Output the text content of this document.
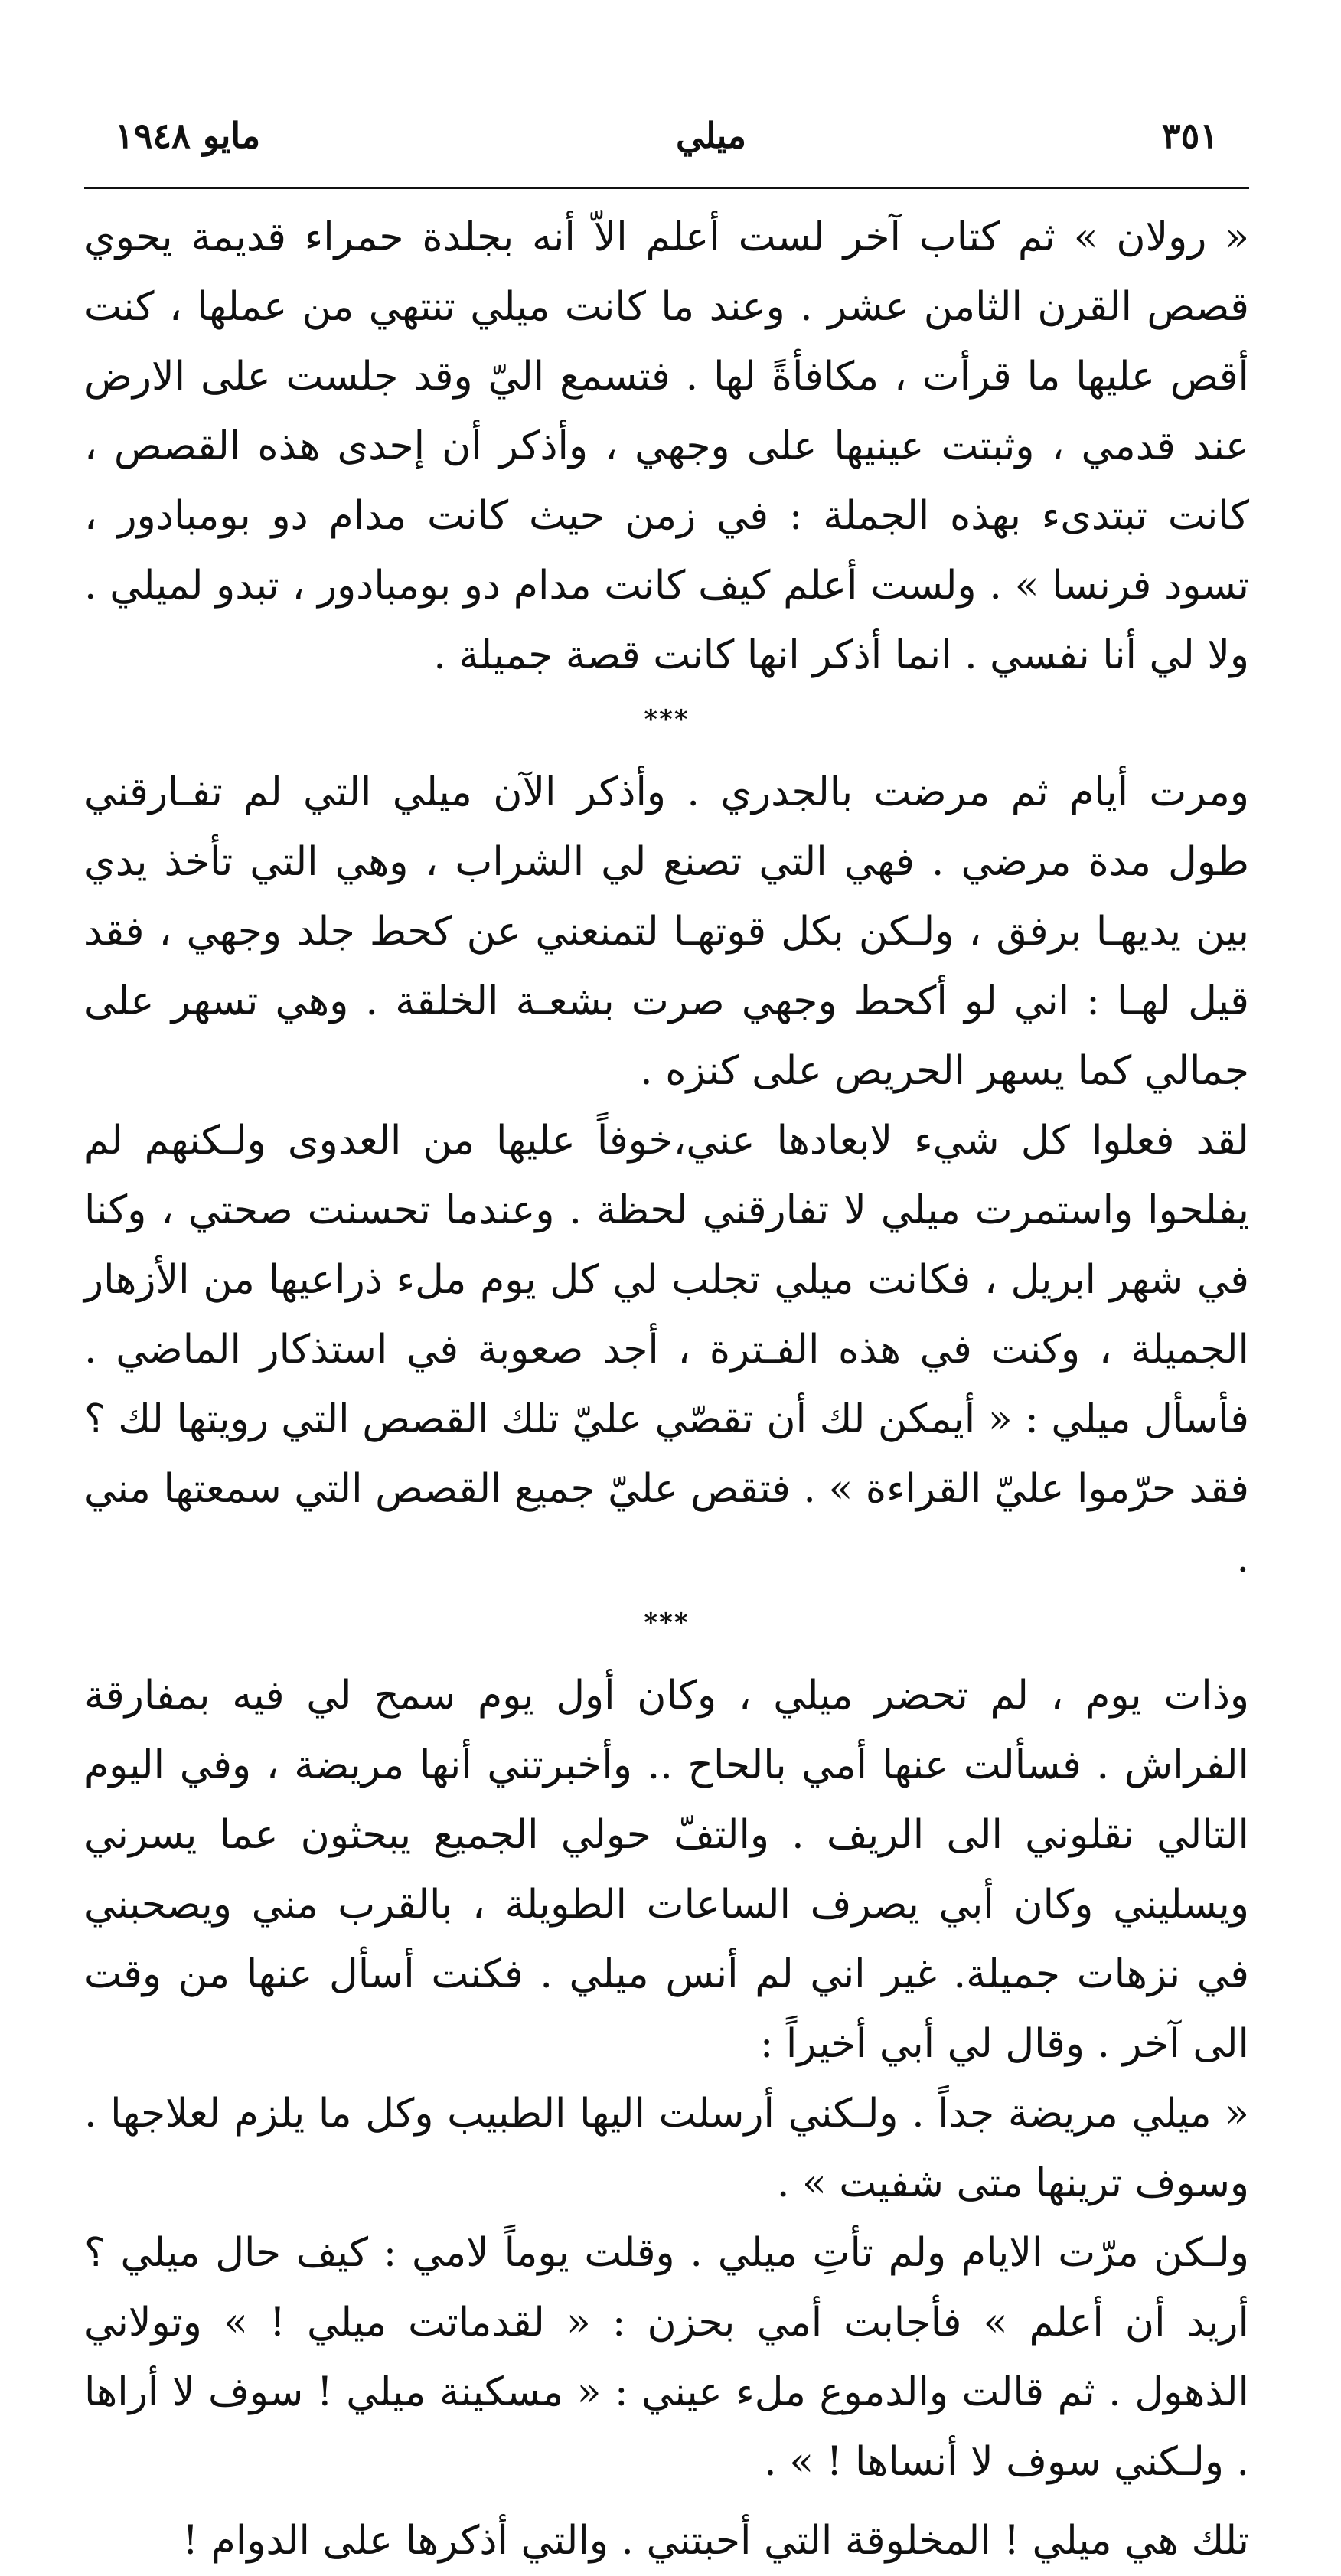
٣٥١
ميلي
مايو ١٩٤٨

« رولان » ثم كتاب آخر لست أعلم الاّ أنه بجلدة حمراء قديمة يحوي قصص القرن الثامن عشر . وعند ما كانت ميلي تنتهي من عملها ، كنت أقص عليها ما قرأت ، مكافأةً لها . فتسمع اليّ وقد جلست على الارض عند قدمي ، وثبتت عينيها على وجهي ، وأذكر أن إحدى هذه القصص ، كانت تبتدىء بهذه الجملة : في زمن حيث كانت مدام دو بومبادور ، تسود فرنسا » . ولست أعلم كيف كانت مدام دو بومبادور ، تبدو لميلي . ولا لي أنا نفسي . انما أذكر انها كانت قصة جميلة .

***

ومرت أيام ثم مرضت بالجدري . وأذكر الآن ميلي التي لم تفـارقني طول مدة مرضي . فهي التي تصنع لي الشراب ، وهي التي تأخذ يدي بين يديهـا برفق ، ولـكن بكل قوتهـا لتمنعني عن كحط جلد وجهي ، فقد قيل لهـا : اني لو أكحط وجهي صرت بشعـة الخلقة . وهي تسهر على جمالي كما يسهر الحريص على كنزه .

لقد فعلوا كل شيء لابعادها عني،خوفاً عليها من العدوى ولـكنهم لم يفلحوا واستمرت ميلي لا تفارقني لحظة . وعندما تحسنت صحتي ، وكنا في شهر ابريل ، فكانت ميلي تجلب لي كل يوم ملء ذراعيها من الأزهار الجميلة ، وكنت في هذه الفـترة ، أجد صعوبة في استذكار الماضي . فأسأل ميلي : « أيمكن لك أن تقصّي عليّ تلك القصص التي رويتها لك ؟ فقد حرّموا عليّ القراءة » . فتقص عليّ جميع القصص التي سمعتها مني .

***

وذات يوم ، لم تحضر ميلي ، وكان أول يوم سمح لي فيه بمفارقة الفراش . فسألت عنها أمي بالحاح .. وأخبرتني أنها مريضة ، وفي اليوم التالي نقلوني الى الريف . والتفّ حولي الجميع يبحثون عما يسرني ويسليني وكان أبي يصرف الساعات الطويلة ، بالقرب مني ويصحبني في نزهات جميلة. غير اني لم أنس ميلي . فكنت أسأل عنها من وقت الى آخر . وقال لي أبي أخيراً :

« ميلي مريضة جداً . ولـكني أرسلت اليها الطبيب وكل ما يلزم لعلاجها . وسوف ترينها متى شفيت » .

ولـكن مرّت الايام ولم تأتِ ميلي . وقلت يوماً لامي : كيف حال ميلي ؟ أريد أن أعلم » فأجابت أمي بحزن : « لقدماتت ميلي ! » وتولاني الذهول . ثم قالت والدموع ملء عيني : « مسكينة ميلي ! سوف لا أراها . ولـكني سوف لا أنساها ! » .

تلك هي ميلي ! المخلوقة التي أحبتني . والتي أذكرها على الدوام !
